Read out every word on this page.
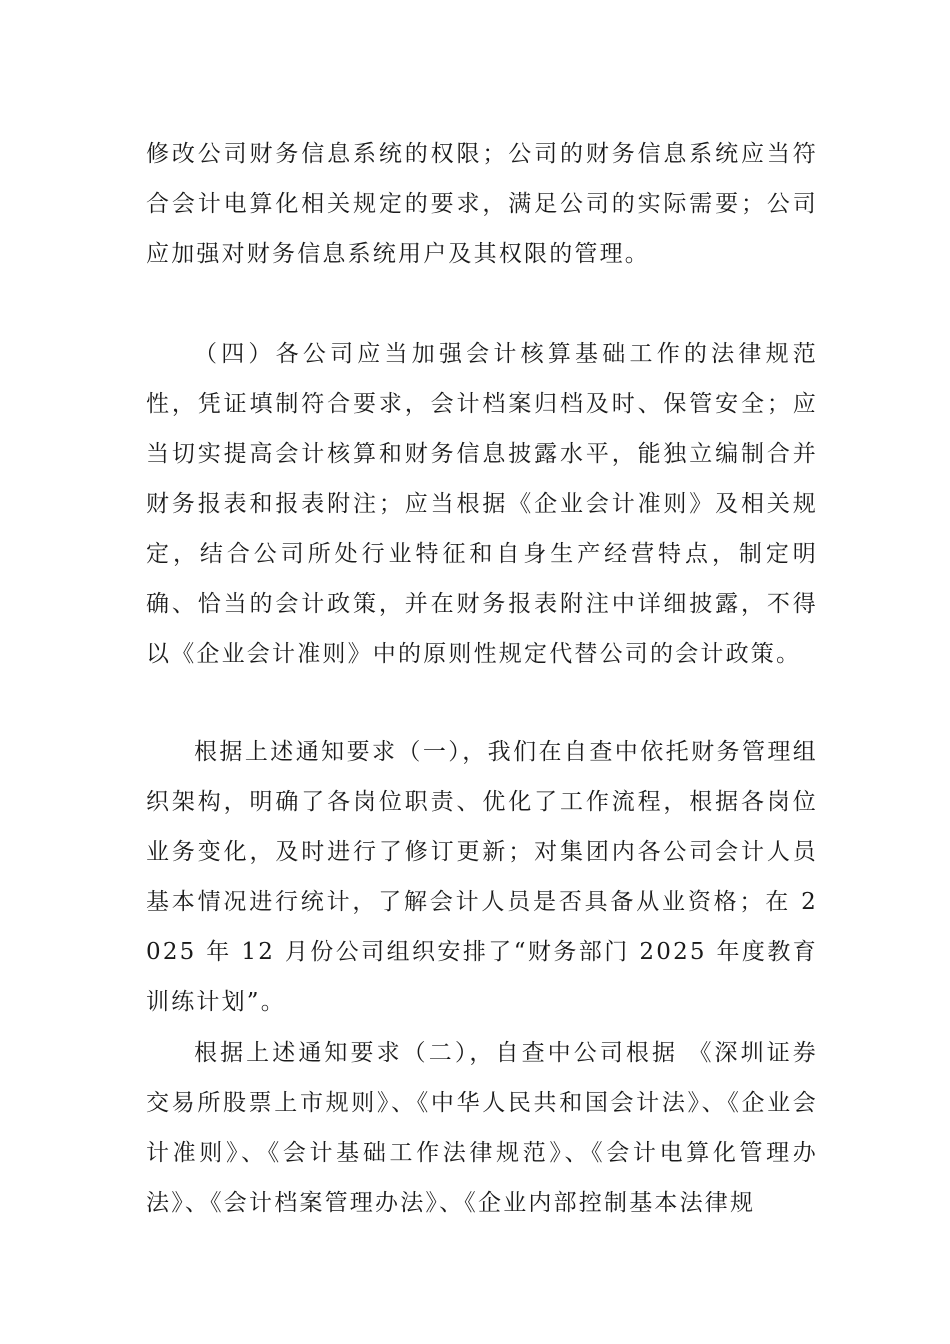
修改公司财务信息系统的权限；公司的财务信息系统应当符合会计电算化相关规定的要求，满足公司的实际需要；公司应加强对财务信息系统用户及其权限的管理。

（四）各公司应当加强会计核算基础工作的法律规范性，凭证填制符合要求，会计档案归档及时、保管安全；应当切实提高会计核算和财务信息披露水平，能独立编制合并财务报表和报表附注；应当根据《企业会计准则》及相关规定，结合公司所处行业特征和自身生产经营特点，制定明确、恰当的会计政策，并在财务报表附注中详细披露，不得以《企业会计准则》中的原则性规定代替公司的会计政策。

根据上述通知要求（一），我们在自查中依托财务管理组织架构，明确了各岗位职责、优化了工作流程，根据各岗位业务变化，及时进行了修订更新；对集团内各公司会计人员基本情况进行统计，了解会计人员是否具备从业资格；在 2025 年 12 月份公司组织安排了“财务部门 2025 年度教育训练计划”。

根据上述通知要求（二），自查中公司根据 《深圳证券交易所股票上市规则》、《中华人民共和国会计法》、《企业会计准则》、《会计基础工作法律规范》、《会计电算化管理办法》、《会计档案管理办法》、《企业内部控制基本法律规
